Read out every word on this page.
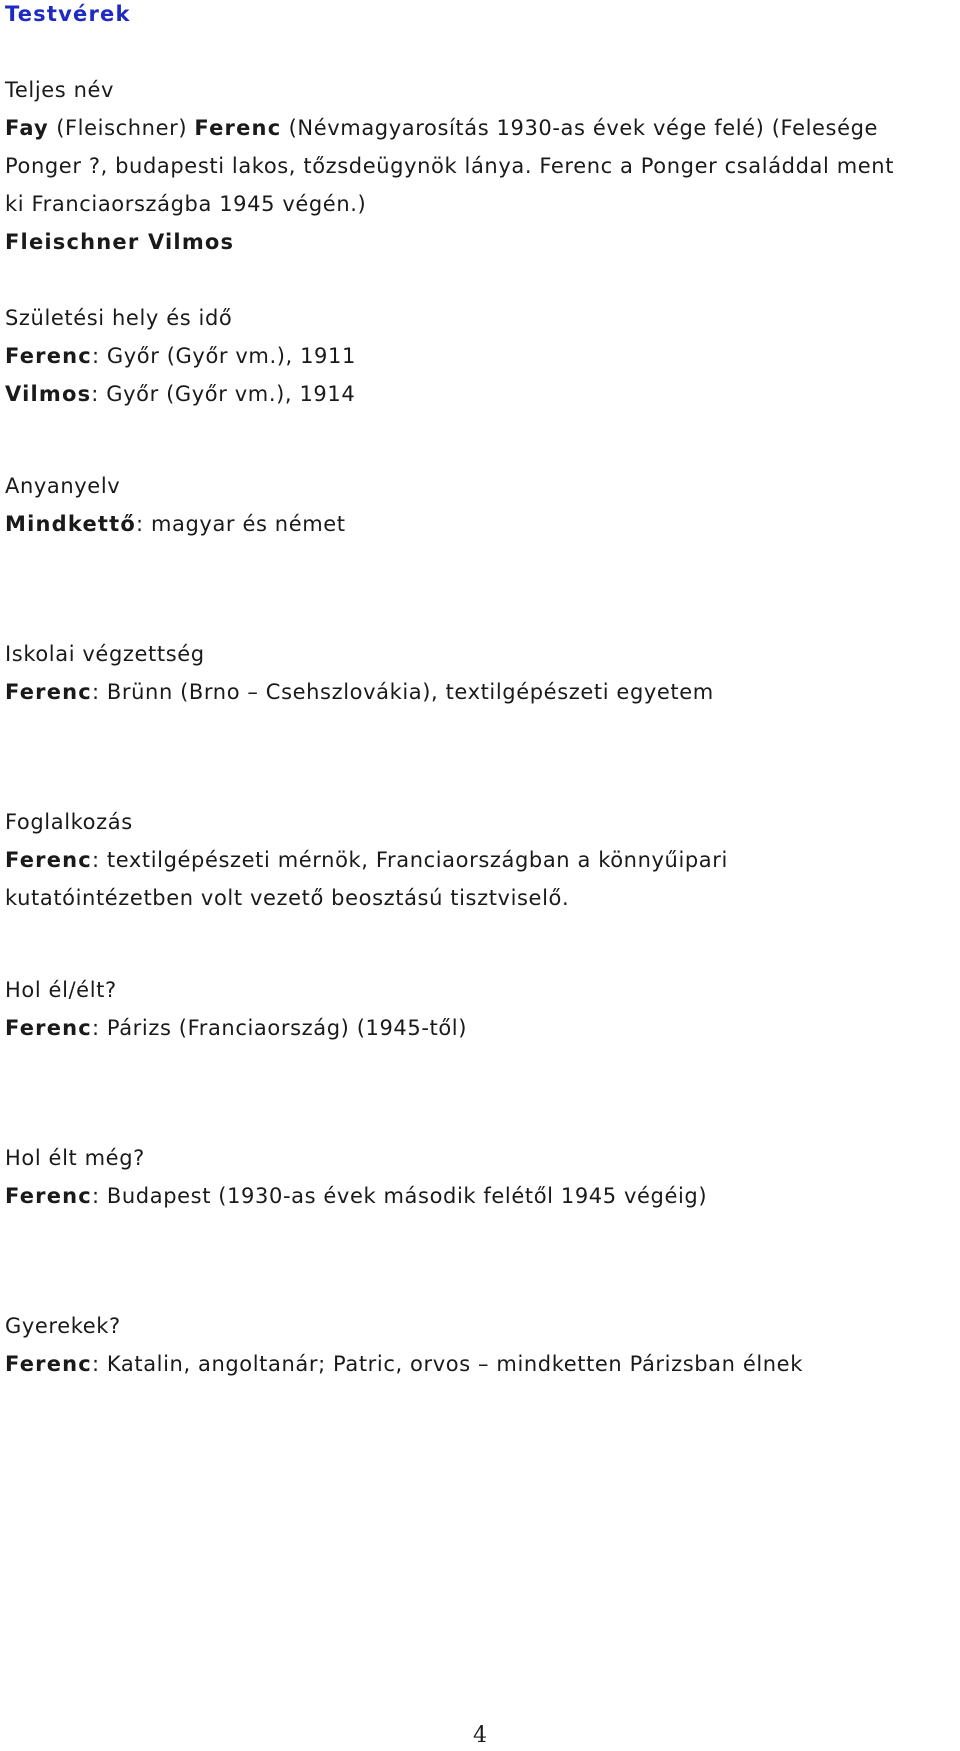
Testvérek
Teljes név
Fay (Fleischner) Ferenc (Névmagyarosítás 1930-as évek vége felé) (Felesége
Ponger ?, budapesti lakos, tőzsdeügynök lánya. Ferenc a Ponger családdal ment
ki Franciaországba 1945 végén.)
Fleischner Vilmos
Születési hely és idő
Ferenc: Győr (Győr vm.), 1911
Vilmos: Győr (Győr vm.), 1914
Anyanyelv
Mindkettő: magyar és német
Iskolai végzettség
Ferenc: Brünn (Brno – Csehszlovákia), textilgépészeti egyetem
Foglalkozás
Ferenc: textilgépészeti mérnök, Franciaországban a könnyűipari
kutatóintézetben volt vezető beosztású tisztviselő.
Hol él/élt?
Ferenc: Párizs (Franciaország) (1945-től)
Hol élt még?
Ferenc: Budapest (1930-as évek második felétől 1945 végéig)
Gyerekek?
Ferenc: Katalin, angoltanár; Patric, orvos – mindketten Párizsban élnek
4
